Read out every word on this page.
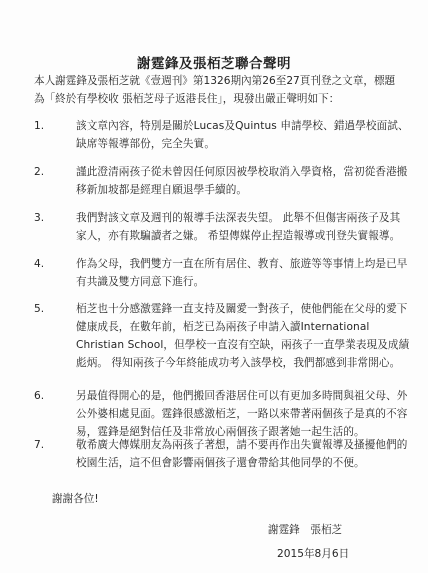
謝霆鋒及張栢芝聯合聲明
本人謝霆鋒及張栢芝就《壹週刊》第1326期內第26至27頁刊登之文章，標題為「終於有學校收 張栢芝母子返港長住」，現發出嚴正聲明如下：
1.	該文章內容，特別是關於Lucas及Quintus 申請學校、錯過學校面試、缺席等報導部份，完全失實。
2.	謹此澄清兩孩子從未曾因任何原因被學校取消入學資格，當初從香港搬移新加坡都是經理自願退學手續的。
3.	我們對該文章及週刊的報導手法深表失望。 此舉不但傷害兩孩子及其家人，亦有欺騙讀者之嫌。 希望傳媒停止捏造報導或刊登失實報導。
4.	作為父母，我們雙方一直在所有居住、教育、旅遊等等事情上均是已早有共識及雙方同意下進行。
5.	栢芝也十分感激霆鋒一直支持及關愛一對孩子，使他們能在父母的愛下健康成長，在數年前，栢芝已為兩孩子申請入讀International Christian School，但學校一直沒有空缺，兩孩子一直學業表現及成績彪炳。 得知兩孩子今年終能成功考入該學校，我們都感到非常開心。
6.	另最值得開心的是，他們搬回香港居住可以有更加多時間與祖父母、外公外婆相處見面。霆鋒很感激栢芝，一路以來帶著兩個孩子是真的不容易，霆鋒是絕對信任及非常放心兩個孩子跟著她一起生活的。
7.	敬希廣大傳媒朋友為兩孩子著想，請不要再作出失實報導及搔擾他們的校園生活，這不但會影響兩個孩子還會帶給其他同學的不便。
謝謝各位!
謝霆鋒　張栢芝
2015年8月6日
